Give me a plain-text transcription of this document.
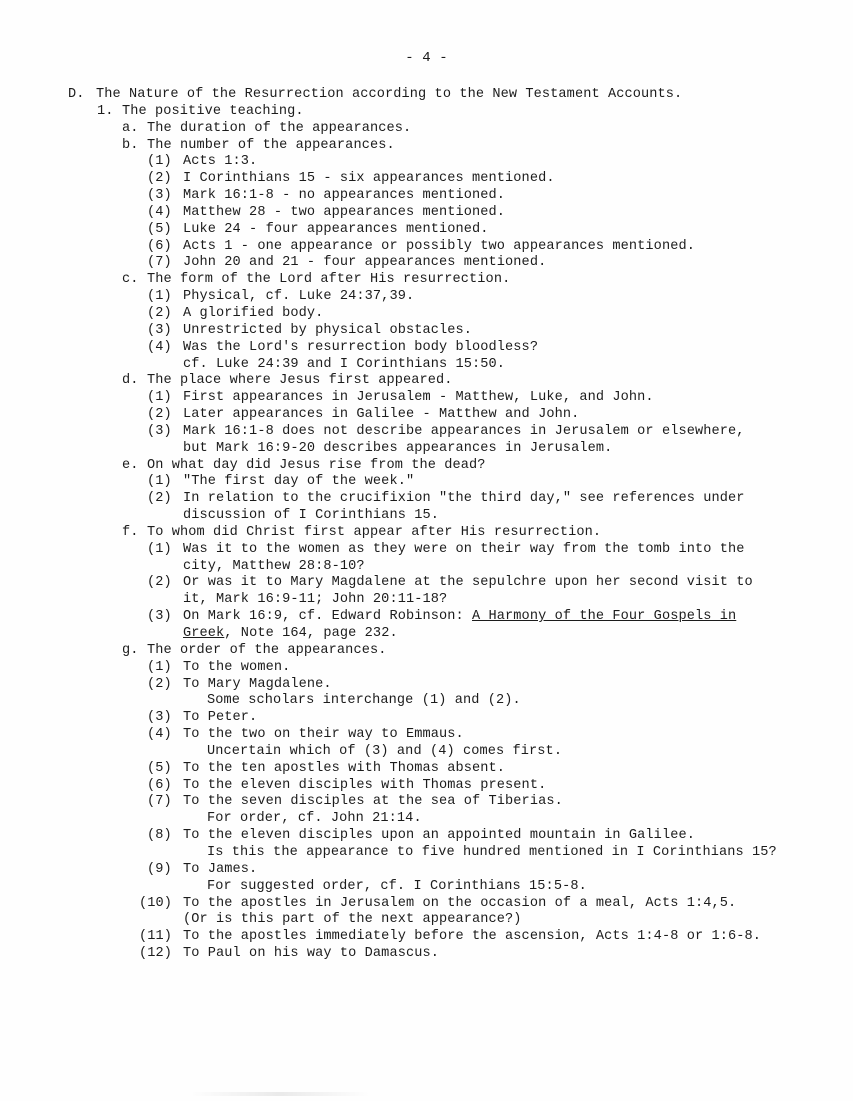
- 4 -
D. The Nature of the Resurrection according to the New Testament Accounts.
1. The positive teaching.
a. The duration of the appearances.
b. The number of the appearances.
(1) Acts 1:3.
(2) I Corinthians 15 - six appearances mentioned.
(3) Mark 16:1-8 - no appearances mentioned.
(4) Matthew 28 - two appearances mentioned.
(5) Luke 24 - four appearances mentioned.
(6) Acts 1 - one appearance or possibly two appearances mentioned.
(7) John 20 and 21 - four appearances mentioned.
c. The form of the Lord after His resurrection.
(1) Physical, cf. Luke 24:37,39.
(2) A glorified body.
(3) Unrestricted by physical obstacles.
(4) Was the Lord's resurrection body bloodless?
cf. Luke 24:39 and I Corinthians 15:50.
d. The place where Jesus first appeared.
(1) First appearances in Jerusalem - Matthew, Luke, and John.
(2) Later appearances in Galilee - Matthew and John.
(3) Mark 16:1-8 does not describe appearances in Jerusalem or elsewhere,
but Mark 16:9-20 describes appearances in Jerusalem.
e. On what day did Jesus rise from the dead?
(1) "The first day of the week."
(2) In relation to the crucifixion "the third day," see references under
discussion of I Corinthians 15.
f. To whom did Christ first appear after His resurrection.
(1) Was it to the women as they were on their way from the tomb into the
city, Matthew 28:8-10?
(2) Or was it to Mary Magdalene at the sepulchre upon her second visit to
it, Mark 16:9-11; John 20:11-18?
(3) On Mark 16:9, cf. Edward Robinson: A Harmony of the Four Gospels in
Greek, Note 164, page 232.
g. The order of the appearances.
(1) To the women.
(2) To Mary Magdalene.
Some scholars interchange (1) and (2).
(3) To Peter.
(4) To the two on their way to Emmaus.
Uncertain which of (3) and (4) comes first.
(5) To the ten apostles with Thomas absent.
(6) To the eleven disciples with Thomas present.
(7) To the seven disciples at the sea of Tiberias.
For order, cf. John 21:14.
(8) To the eleven disciples upon an appointed mountain in Galilee.
Is this the appearance to five hundred mentioned in I Corinthians 15?
(9) To James.
For suggested order, cf. I Corinthians 15:5-8.
(10) To the apostles in Jerusalem on the occasion of a meal, Acts 1:4,5.
(Or is this part of the next appearance?)
(11) To the apostles immediately before the ascension, Acts 1:4-8 or 1:6-8.
(12) To Paul on his way to Damascus.
